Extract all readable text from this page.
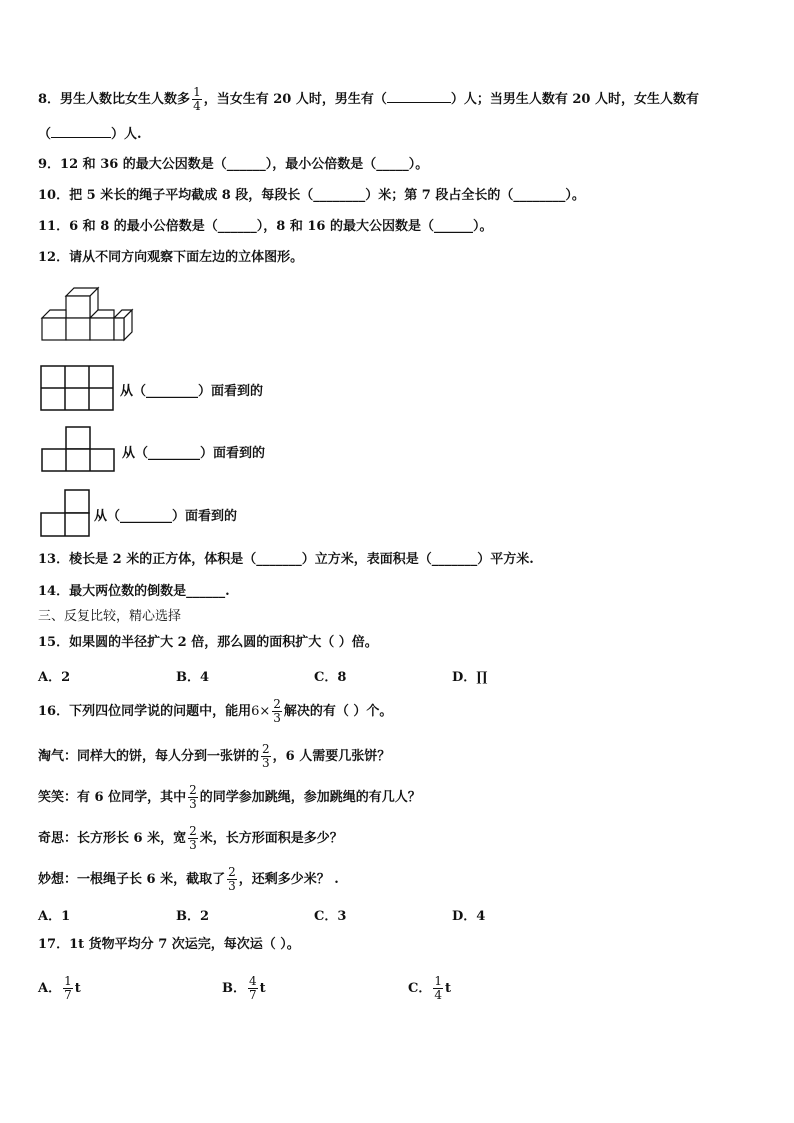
8．男生人数比女生人数多 $\frac{1}{4}$ ，当女生有 20 人时，男生有（	）人；当男生人数有 20 人时，女生人数有
（	）人.
9．12 和 36 的最大公因数是（______），最小公倍数是（_____）。
10．把 5 米长的绳子平均截成 8 段，每段长（________）米；第 7 段占全长的（________）。
11．6 和 8 的最小公倍数是（______），8 和 16 的最大公因数是（______）。
12．请从不同方向观察下面左边的立体图形。
从（________）面看到的
从（________）面看到的
从（________）面看到的
13．棱长是 2 米的正方体，体积是（_______）立方米，表面积是（_______）平方米.
14．最大两位数的倒数是______.
三、反复比较，精心选择
15．如果圆的半径扩大 2 倍，那么圆的面积扩大（ ）倍。
A．2	B．4	C．8	D．∏
16．下列四位同学说的问题中，能用$6\times \frac{2}{3}$ 解决的有（ ）个。
淘气：同样大的饼，每人分到一张饼的 $\frac{2}{3}$ ，6 人需要几张饼？
笑笑：有 6 位同学，其中 $\frac{2}{3}$ 的同学参加跳绳，参加跳绳的有几人？
奇思：长方形长 6 米，宽 $\frac{2}{3}$ 米，长方形面积是多少？
妙想：一根绳子长 6 米，截取了 $\frac{2}{3}$ ，还剩多少米？ .
A．1	B．2	C．3	D．4
17．1t 货物平均分 7 次运完，每次运（ ）。
A． $\frac{1}{7}$ t	B． $\frac{4}{7}$ t	C． $\frac{1}{4}$ t
